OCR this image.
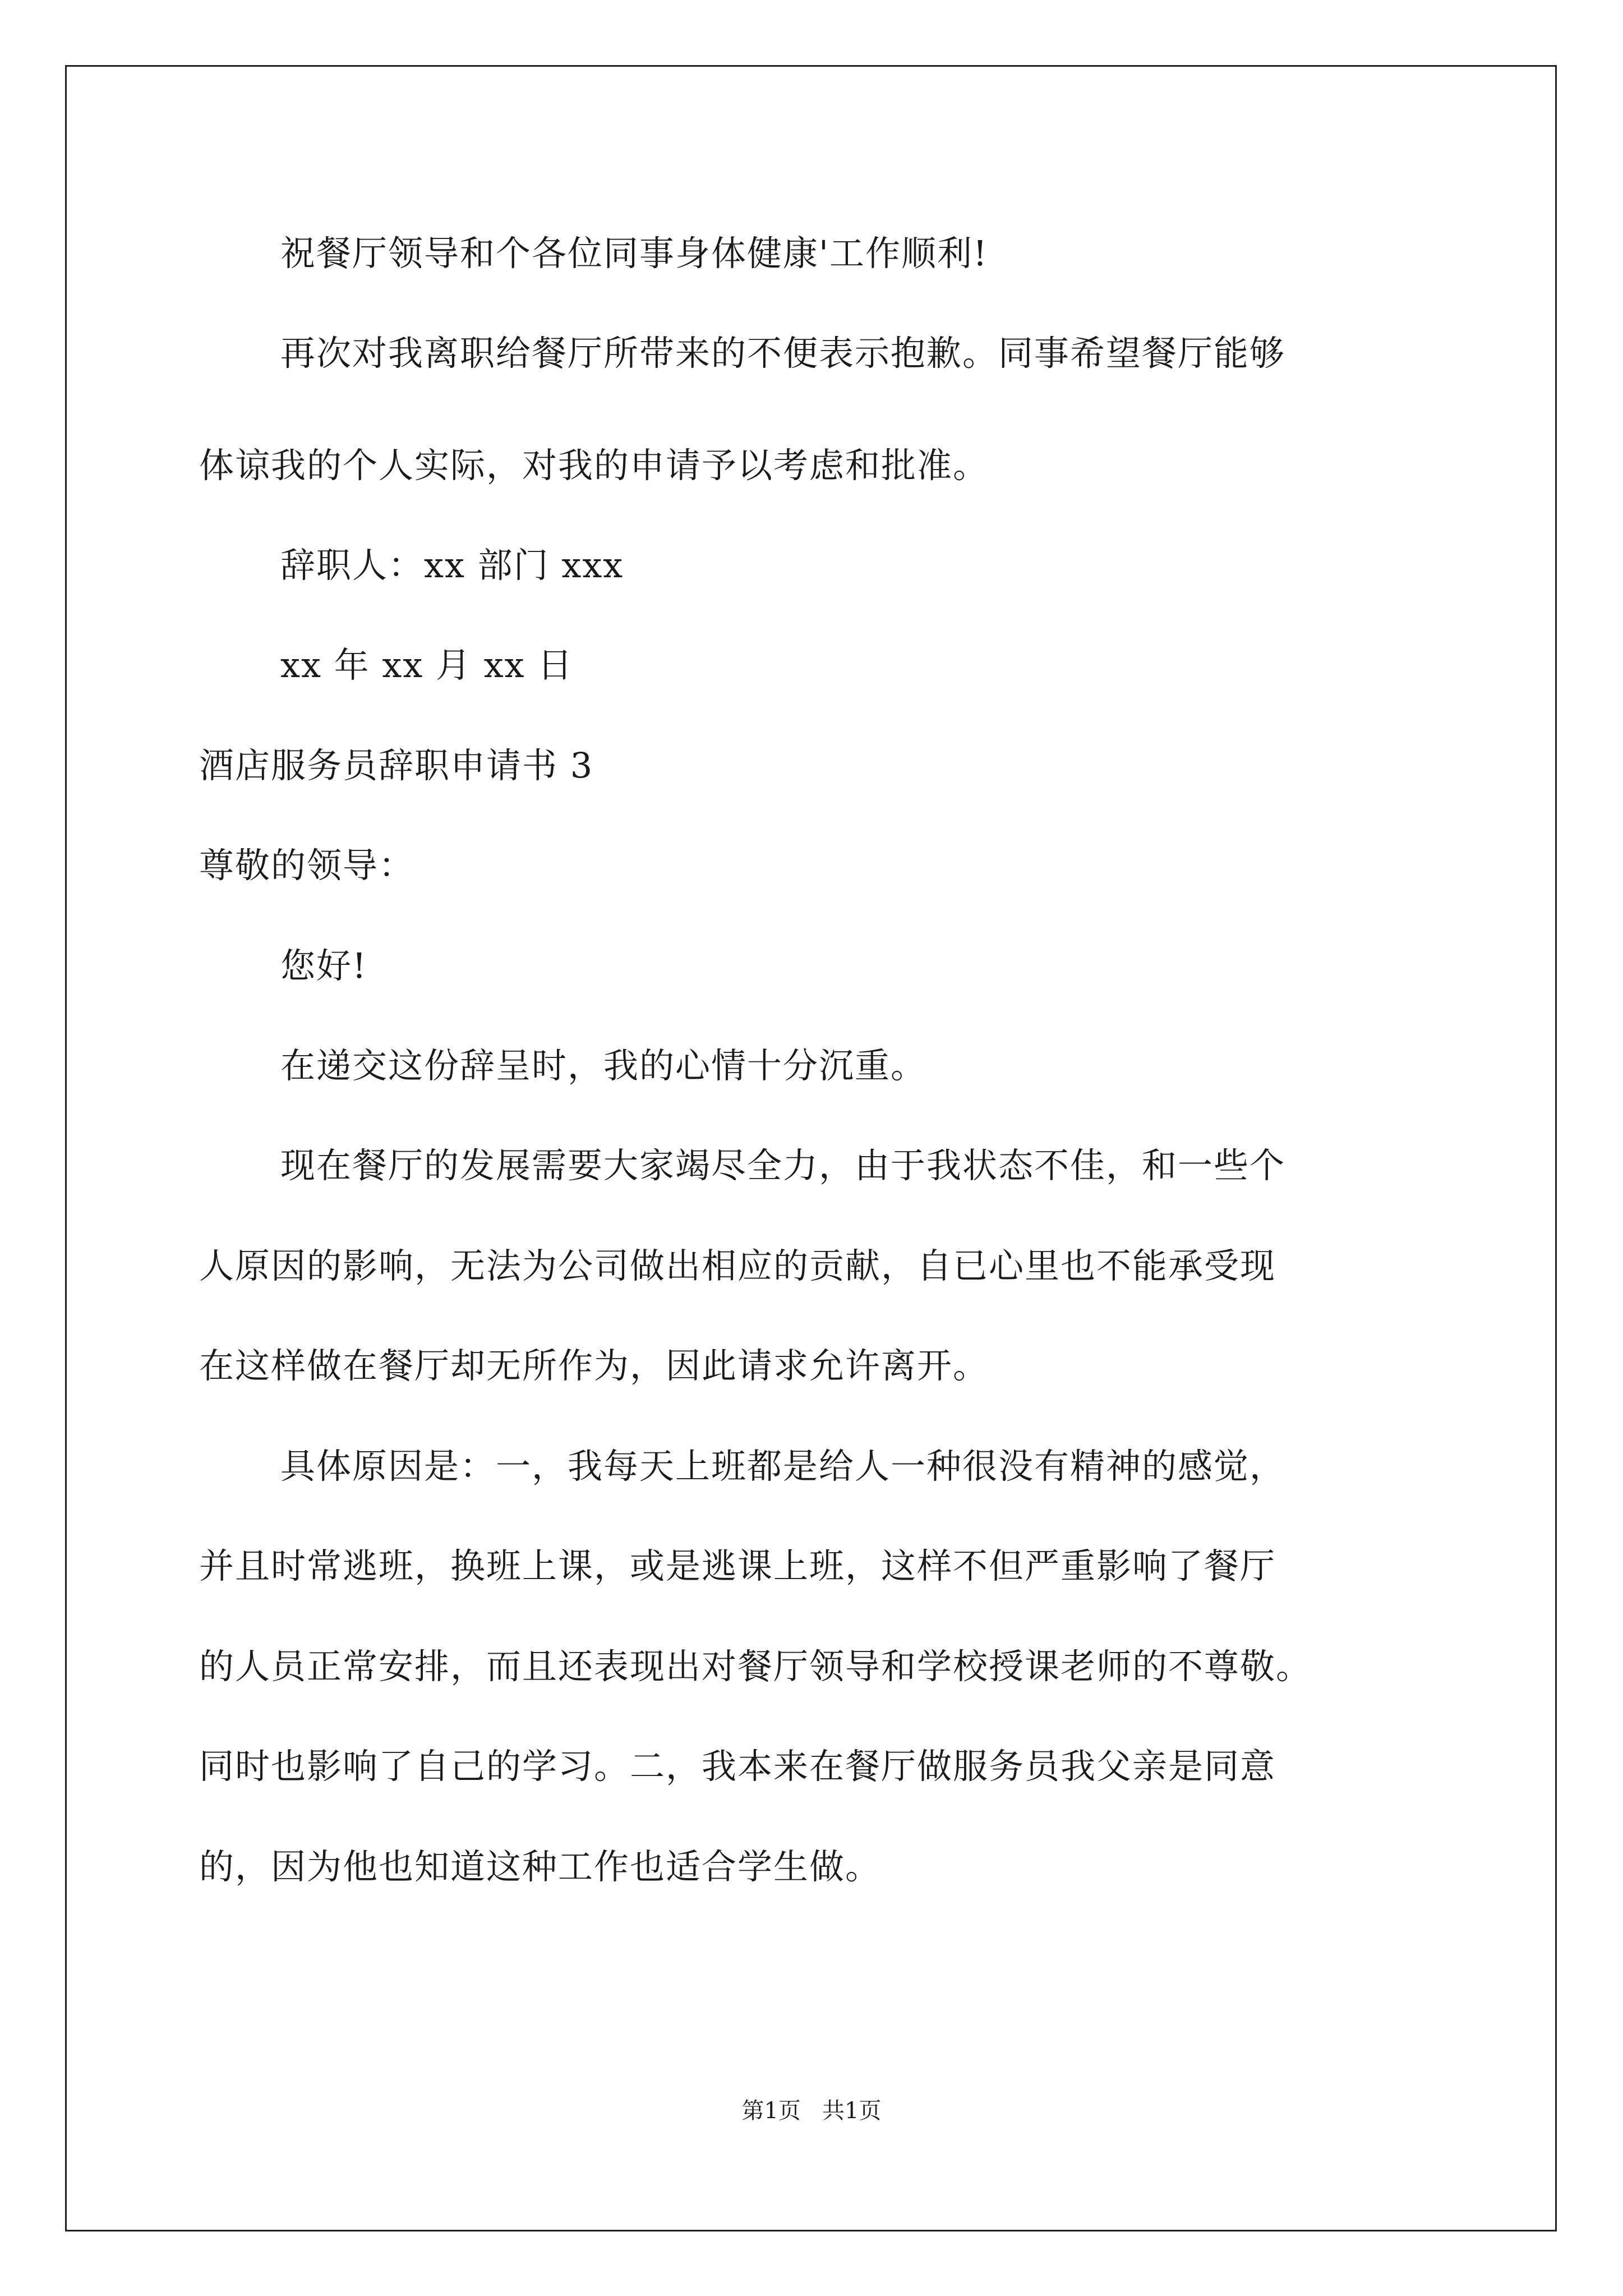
祝餐厅领导和个各位同事身体健康'工作顺利!
再次对我离职给餐厅所带来的不便表示抱歉。同事希望餐厅能够
体谅我的个人实际，对我的申请予以考虑和批准。
辞职人：xx 部门 xxx
xx 年 xx 月 xx 日
酒店服务员辞职申请书 3
尊敬的领导：
您好!
在递交这份辞呈时，我的心情十分沉重。
现在餐厅的发展需要大家竭尽全力，由于我状态不佳，和一些个
人原因的影响，无法为公司做出相应的贡献，自已心里也不能承受现
在这样做在餐厅却无所作为，因此请求允许离开。
具体原因是：一，我每天上班都是给人一种很没有精神的感觉，
并且时常逃班，换班上课，或是逃课上班，这样不但严重影响了餐厅
的人员正常安排，而且还表现出对餐厅领导和学校授课老师的不尊敬。
同时也影响了自己的学习。二，我本来在餐厅做服务员我父亲是同意
的，因为他也知道这种工作也适合学生做。
第1页   共1页
